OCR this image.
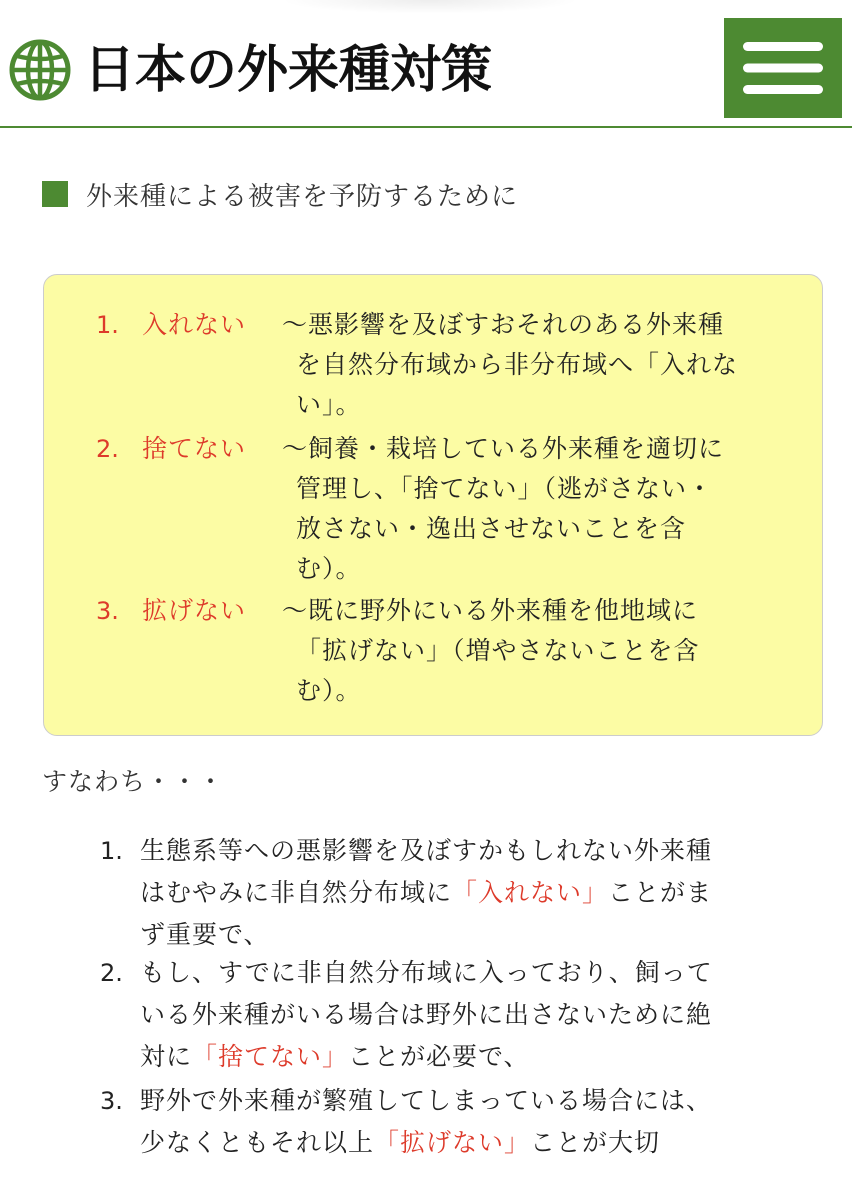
日本の外来種対策
外来種による被害を予防するために
1. 入れない ～悪影響を及ぼすおそれのある外来種
を自然分布域から非分布域へ「入れな
い」。
2. 捨てない ～飼養・栽培している外来種を適切に
管理し、「捨てない」（逃がさない・
放さない・逸出させないことを含
む）。
3. 拡げない ～既に野外にいる外来種を他地域に
「拡げない」（増やさないことを含
む）。
すなわち・・・
1. 生態系等への悪影響を及ぼすかもしれない外来種
はむやみに非自然分布域に「入れない」ことがま
ず重要で、
2. もし、すでに非自然分布域に入っており、飼って
いる外来種がいる場合は野外に出さないために絶
対に「捨てない」ことが必要で、
3. 野外で外来種が繁殖してしまっている場合には、
少なくともそれ以上「拡げない」ことが大切
